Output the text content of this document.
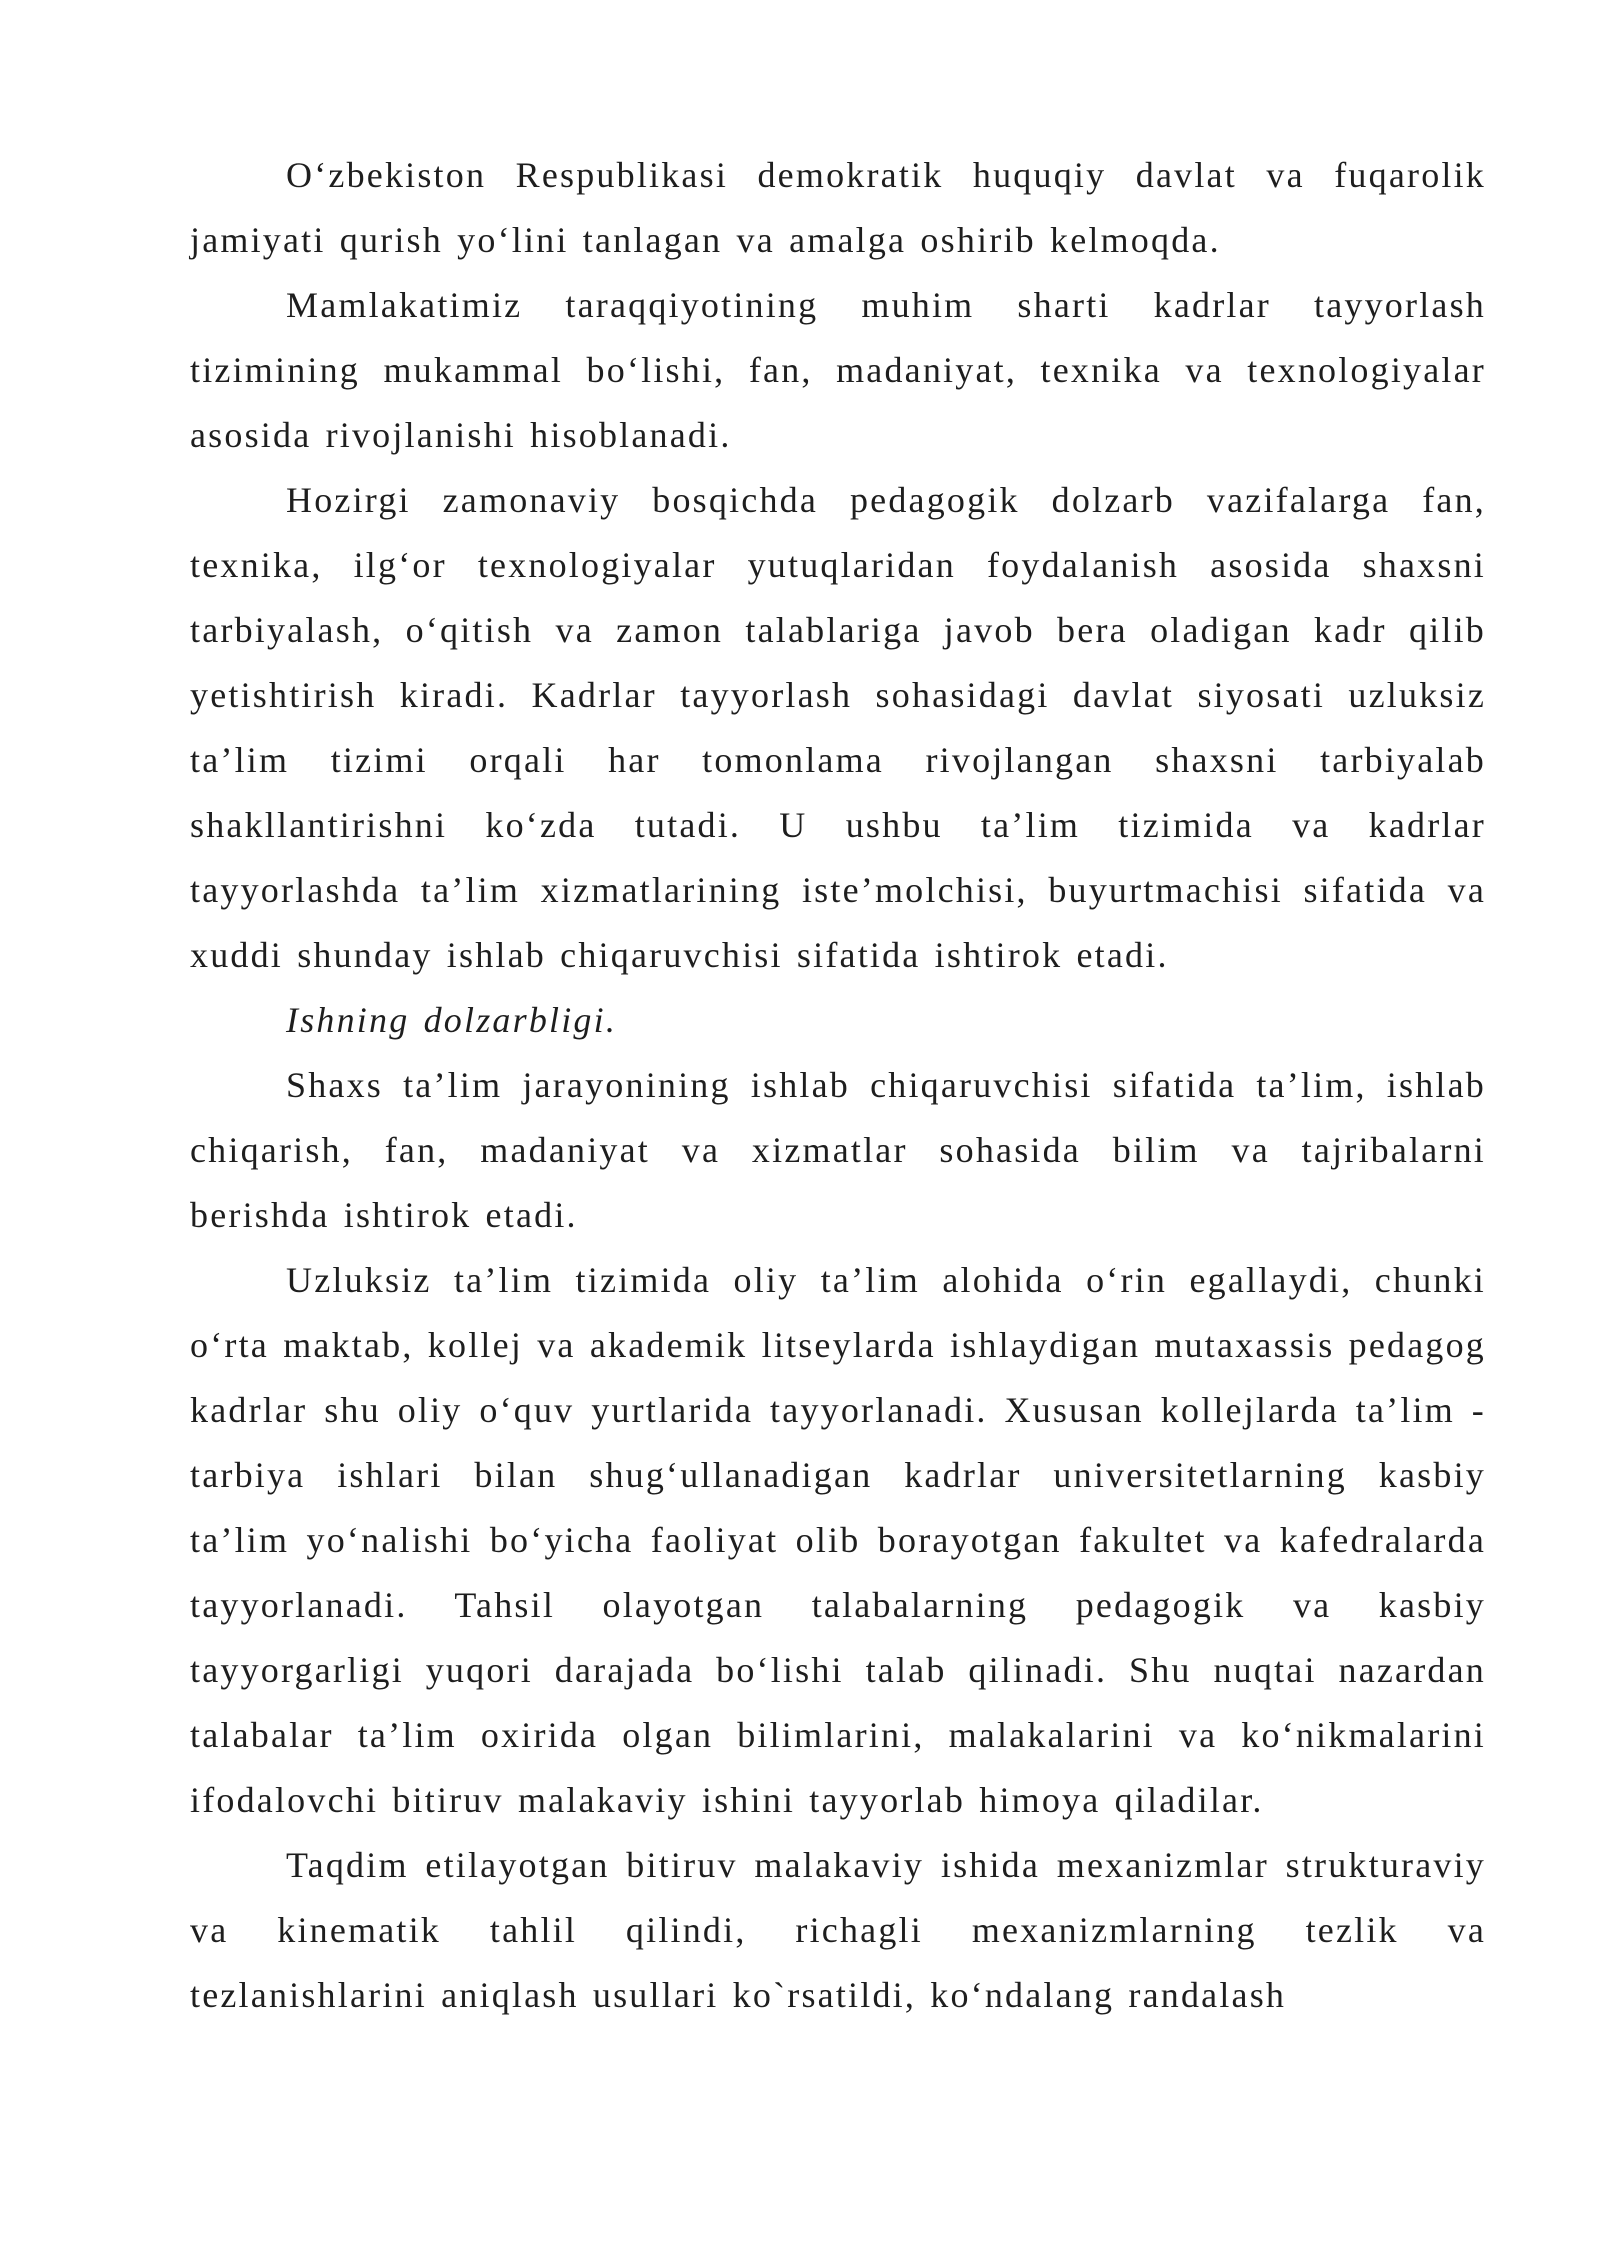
O‘zbekiston Respublikasi demokratik huquqiy davlat va fuqarolik jamiyati qurish yo‘lini tanlagan va amalga oshirib kelmoqda.

Mamlakatimiz taraqqiyotining muhim sharti kadrlar tayyorlash tizimining mukammal bo‘lishi, fan, madaniyat, texnika va texnologiyalar asosida rivojlanishi hisoblanadi.

Hozirgi zamonaviy bosqichda pedagogik dolzarb vazifalarga fan, texnika, ilg‘or texnologiyalar yutuqlaridan foydalanish asosida shaxsni tarbiyalash, o‘qitish va zamon talablariga javob bera oladigan kadr qilib yetishtirish kiradi. Kadrlar tayyorlash sohasidagi davlat siyosati uzluksiz ta’lim tizimi orqali har tomonlama rivojlangan shaxsni tarbiyalab shakllantirishni ko‘zda tutadi. U ushbu ta’lim tizimida va kadrlar tayyorlashda ta’lim xizmatlarining iste’molchisi, buyurtmachisi sifatida va xuddi shunday ishlab chiqaruvchisi sifatida ishtirok etadi.

Ishning dolzarbligi.

Shaxs ta’lim jarayonining ishlab chiqaruvchisi sifatida ta’lim, ishlab chiqarish, fan, madaniyat va xizmatlar sohasida bilim va tajribalarni berishda ishtirok etadi.

Uzluksiz ta’lim tizimida oliy ta’lim alohida o‘rin egallaydi, chunki o‘rta maktab, kollej va akademik litseylarda ishlaydigan mutaxassis pedagog kadrlar shu oliy o‘quv yurtlarida tayyorlanadi. Xususan kollejlarda ta’lim - tarbiya ishlari bilan shug‘ullanadigan kadrlar universitetlarning kasbiy ta’lim yo‘nalishi bo‘yicha faoliyat olib borayotgan fakultet va kafedralarda tayyorlanadi. Tahsil olayotgan talabalarning pedagogik va kasbiy tayyorgarligi yuqori darajada bo‘lishi talab qilinadi. Shu nuqtai nazardan talabalar ta’lim oxirida olgan bilimlarini, malakalarini va ko‘nikmalarini ifodalovchi bitiruv malakaviy ishini tayyorlab himoya qiladilar.

Taqdim etilayotgan bitiruv malakaviy ishida mexanizmlar strukturaviy va kinematik tahlil qilindi, richagli mexanizmlarning tezlik va tezlanishlarini aniqlash usullari ko`rsatildi, ko‘ndalang randalash
